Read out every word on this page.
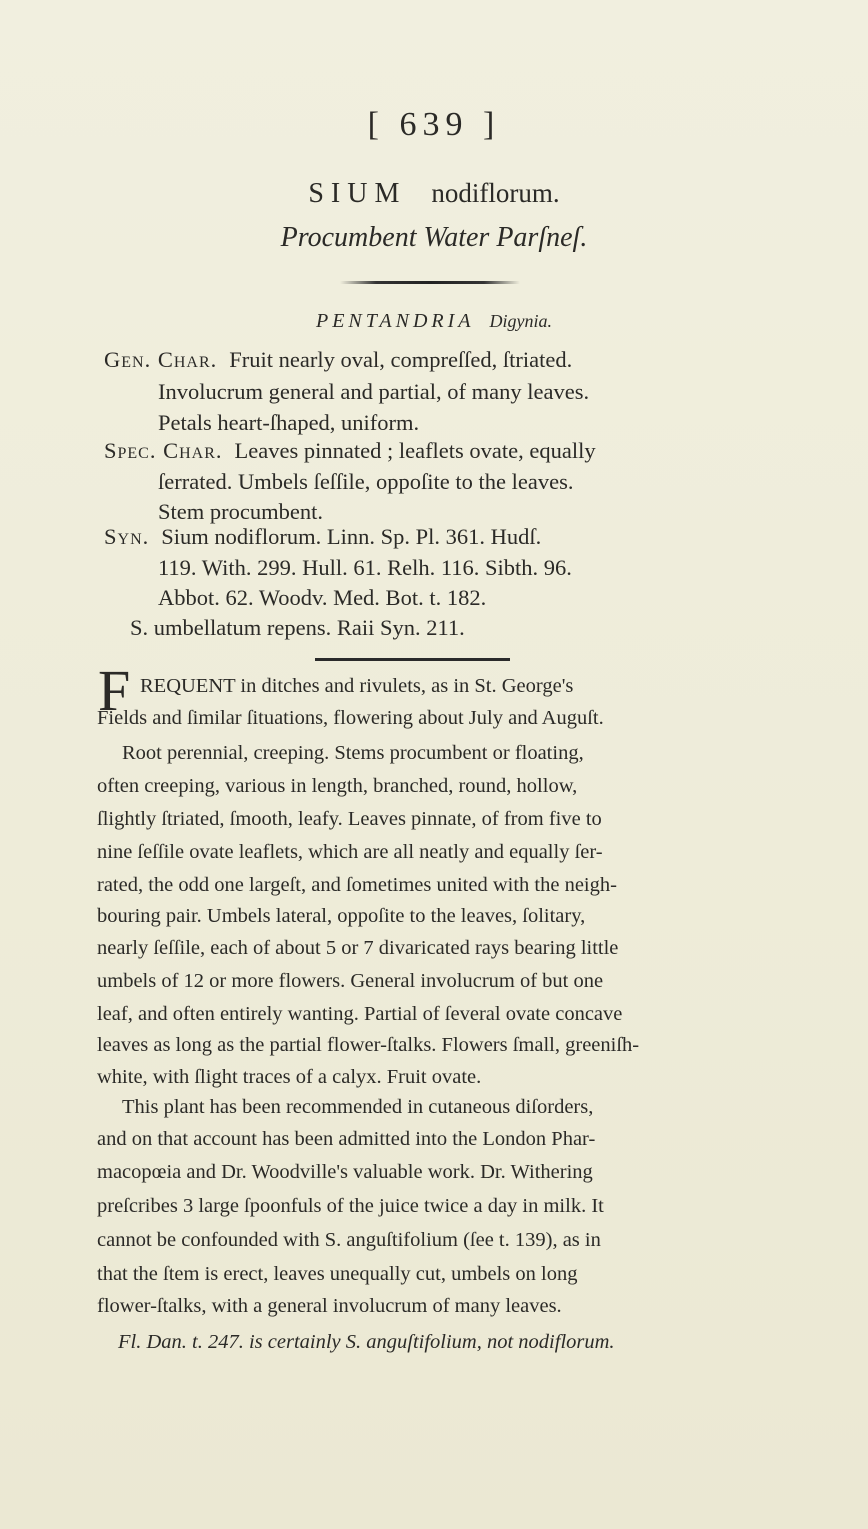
[ 639 ]
SIUM nodiflorum.
Procumbent Water Parſneſ.
PENTANDRIA Digynia.
Gen. Char. Fruit nearly oval, compreſſed, ſtriated.
Involucrum general and partial, of many leaves.
Petals heart-ſhaped, uniform.
Spec. Char. Leaves pinnated ; leaflets ovate, equally
ſerrated. Umbels ſeſſile, oppoſite to the leaves.
Stem procumbent.
Syn. Sium nodiflorum. Linn. Sp. Pl. 361. Hudſ.
119. With. 299. Hull. 61. Relh. 116. Sibth. 96.
Abbot. 62. Woodv. Med. Bot. t. 182.
S. umbellatum repens. Raii Syn. 211.
F REQUENT in ditches and rivulets, as in St. George's
Fields and ſimilar ſituations, flowering about July and Auguſt.
Root perennial, creeping. Stems procumbent or floating,
often creeping, various in length, branched, round, hollow,
ſlightly ſtriated, ſmooth, leafy. Leaves pinnate, of from five to
nine ſeſſile ovate leaflets, which are all neatly and equally ſer-
rated, the odd one largeſt, and ſometimes united with the neigh-
bouring pair. Umbels lateral, oppoſite to the leaves, ſolitary,
nearly ſeſſile, each of about 5 or 7 divaricated rays bearing little
umbels of 12 or more flowers. General involucrum of but one
leaf, and often entirely wanting. Partial of ſeveral ovate concave
leaves as long as the partial flower-ſtalks. Flowers ſmall, greeniſh-
white, with ſlight traces of a calyx. Fruit ovate.
This plant has been recommended in cutaneous diſorders,
and on that account has been admitted into the London Phar-
macopœia and Dr. Woodville's valuable work. Dr. Withering
preſcribes 3 large ſpoonfuls of the juice twice a day in milk. It
cannot be confounded with S. anguſtifolium (ſee t. 139), as in
that the ſtem is erect, leaves unequally cut, umbels on long
flower-ſtalks, with a general involucrum of many leaves.
Fl. Dan. t. 247. is certainly S. anguſtifolium, not nodiflorum.
